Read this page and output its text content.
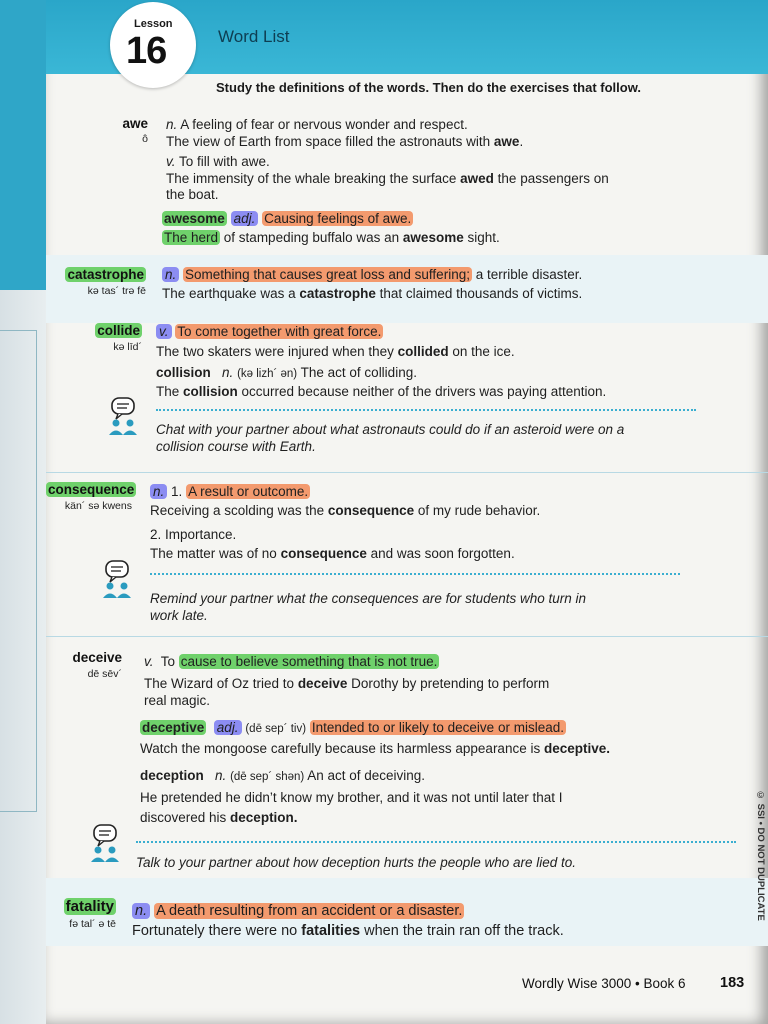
Lesson
16	Word List
Study the definitions of the words. Then do the exercises that follow.
awe
ô
n. A feeling of fear or nervous wonder and respect.
The view of Earth from space filled the astronauts with awe.
v. To fill with awe.
The immensity of the whale breaking the surface awed the passengers on
the boat.
awesome adj. Causing feelings of awe.
The herd of stampeding buffalo was an awesome sight.
catastrophe
kə tas´ trə fē
n. Something that causes great loss and suffering; a terrible disaster.
The earthquake was a catastrophe that claimed thousands of victims.
collide
kə līd´
v. To come together with great force.
The two skaters were injured when they collided on the ice.
collision n. (kə lizh´ ən) The act of colliding.
The collision occurred because neither of the drivers was paying attention.
Chat with your partner about what astronauts could do if an asteroid were on a
collision course with Earth.
consequence
kän´ sə kwens
n. 1. A result or outcome.
Receiving a scolding was the consequence of my rude behavior.
2. Importance.
The matter was of no consequence and was soon forgotten.
Remind your partner what the consequences are for students who turn in
work late.
deceive
dē sēv´
v. To cause to believe something that is not true.
The Wizard of Oz tried to deceive Dorothy by pretending to perform
real magic.
deceptive adj. (dē sep´ tiv) Intended to or likely to deceive or mislead.
Watch the mongoose carefully because its harmless appearance is deceptive.
deception n. (dē sep´ shən) An act of deceiving.
He pretended he didn’t know my brother, and it was not until later that I
discovered his deception.
Talk to your partner about how deception hurts the people who are lied to.
fatality
fə tal´ ə tē
n. A death resulting from an accident or a disaster.
Fortunately there were no fatalities when the train ran off the track.
Wordly Wise 3000 • Book 6 183
© SSI • DO NOT DUPLICATE
